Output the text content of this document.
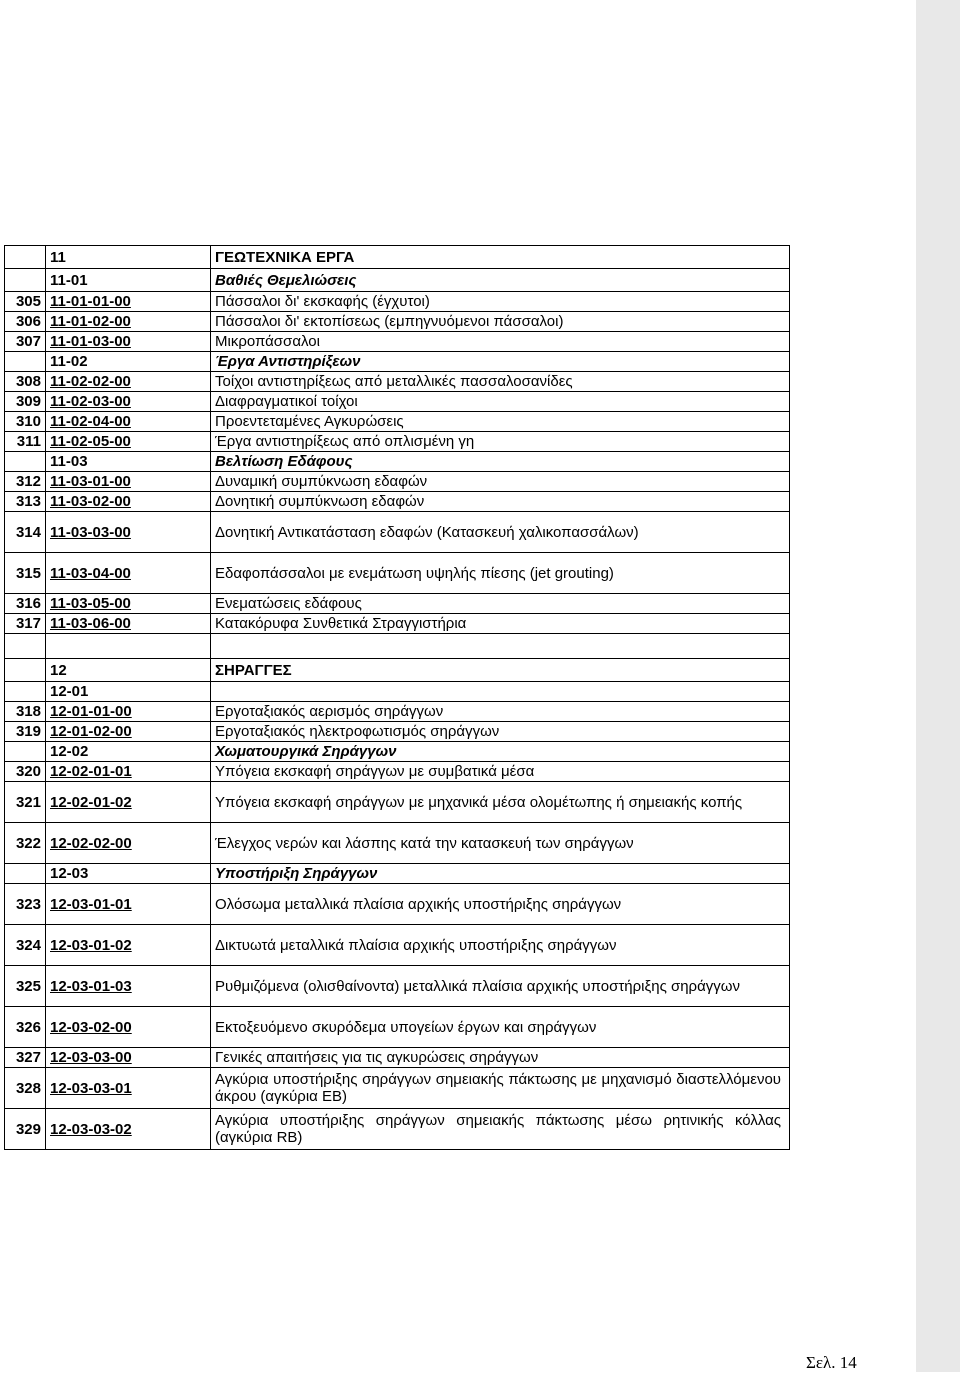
	11	ΓΕΩΤΕΧΝΙΚΑ ΕΡΓΑ
	11-01	Βαθιές Θεμελιώσεις
305	11-01-01-00	Πάσσαλοι δι' εκσκαφής (έγχυτοι)
306	11-01-02-00	Πάσσαλοι δι' εκτοπίσεως (εμπηγνυόμενοι πάσσαλοι)
307	11-01-03-00	Μικροπάσσαλοι
	11-02	Έργα Αντιστηρίξεων
308	11-02-02-00	Τοίχοι αντιστηρίξεως από μεταλλικές πασσαλοσανίδες
309	11-02-03-00	Διαφραγματικοί τοίχοι
310	11-02-04-00	Προεντεταμένες Αγκυρώσεις
311	11-02-05-00	Έργα αντιστηρίξεως από οπλισμένη γη
	11-03	Βελτίωση Εδάφους
312	11-03-01-00	Δυναμική συμπύκνωση εδαφών
313	11-03-02-00	Δονητική συμπύκνωση εδαφών
314	11-03-03-00	Δονητική Αντικατάσταση εδαφών (Κατασκευή χαλικοπασσάλων)
315	11-03-04-00	Εδαφοπάσσαλοι με ενεμάτωση υψηλής πίεσης (jet grouting)
316	11-03-05-00	Ενεματώσεις εδάφους
317	11-03-06-00	Κατακόρυφα Συνθετικά Στραγγιστήρια

	12	ΣΗΡΑΓΓΕΣ
	12-01	
318	12-01-01-00	Εργοταξιακός αερισμός σηράγγων
319	12-01-02-00	Εργοταξιακός ηλεκτροφωτισμός σηράγγων
	12-02	Χωματουργικά Σηράγγων
320	12-02-01-01	Υπόγεια εκσκαφή σηράγγων με συμβατικά μέσα
321	12-02-01-02	Υπόγεια εκσκαφή σηράγγων με μηχανικά μέσα ολομέτωπης ή σημειακής κοπής
322	12-02-02-00	Έλεγχος νερών και λάσπης κατά την κατασκευή των σηράγγων
	12-03	Υποστήριξη Σηράγγων
323	12-03-01-01	Ολόσωμα μεταλλικά πλαίσια αρχικής υποστήριξης σηράγγων
324	12-03-01-02	Δικτυωτά μεταλλικά πλαίσια αρχικής υποστήριξης σηράγγων
325	12-03-01-03	Ρυθμιζόμενα (ολισθαίνοντα) μεταλλικά πλαίσια αρχικής υποστήριξης σηράγγων
326	12-03-02-00	Εκτοξευόμενο σκυρόδεμα υπογείων έργων και σηράγγων
327	12-03-03-00	Γενικές απαιτήσεις για τις αγκυρώσεις σηράγγων
328	12-03-03-01	Αγκύρια υποστήριξης σηράγγων σημειακής πάκτωσης με μηχανισμό διαστελλόμενου άκρου (αγκύρια ΕΒ)
329	12-03-03-02	Αγκύρια υποστήριξης σηράγγων σημειακής πάκτωσης μέσω ρητινικής κόλλας (αγκύρια RB)
Σελ. 14
